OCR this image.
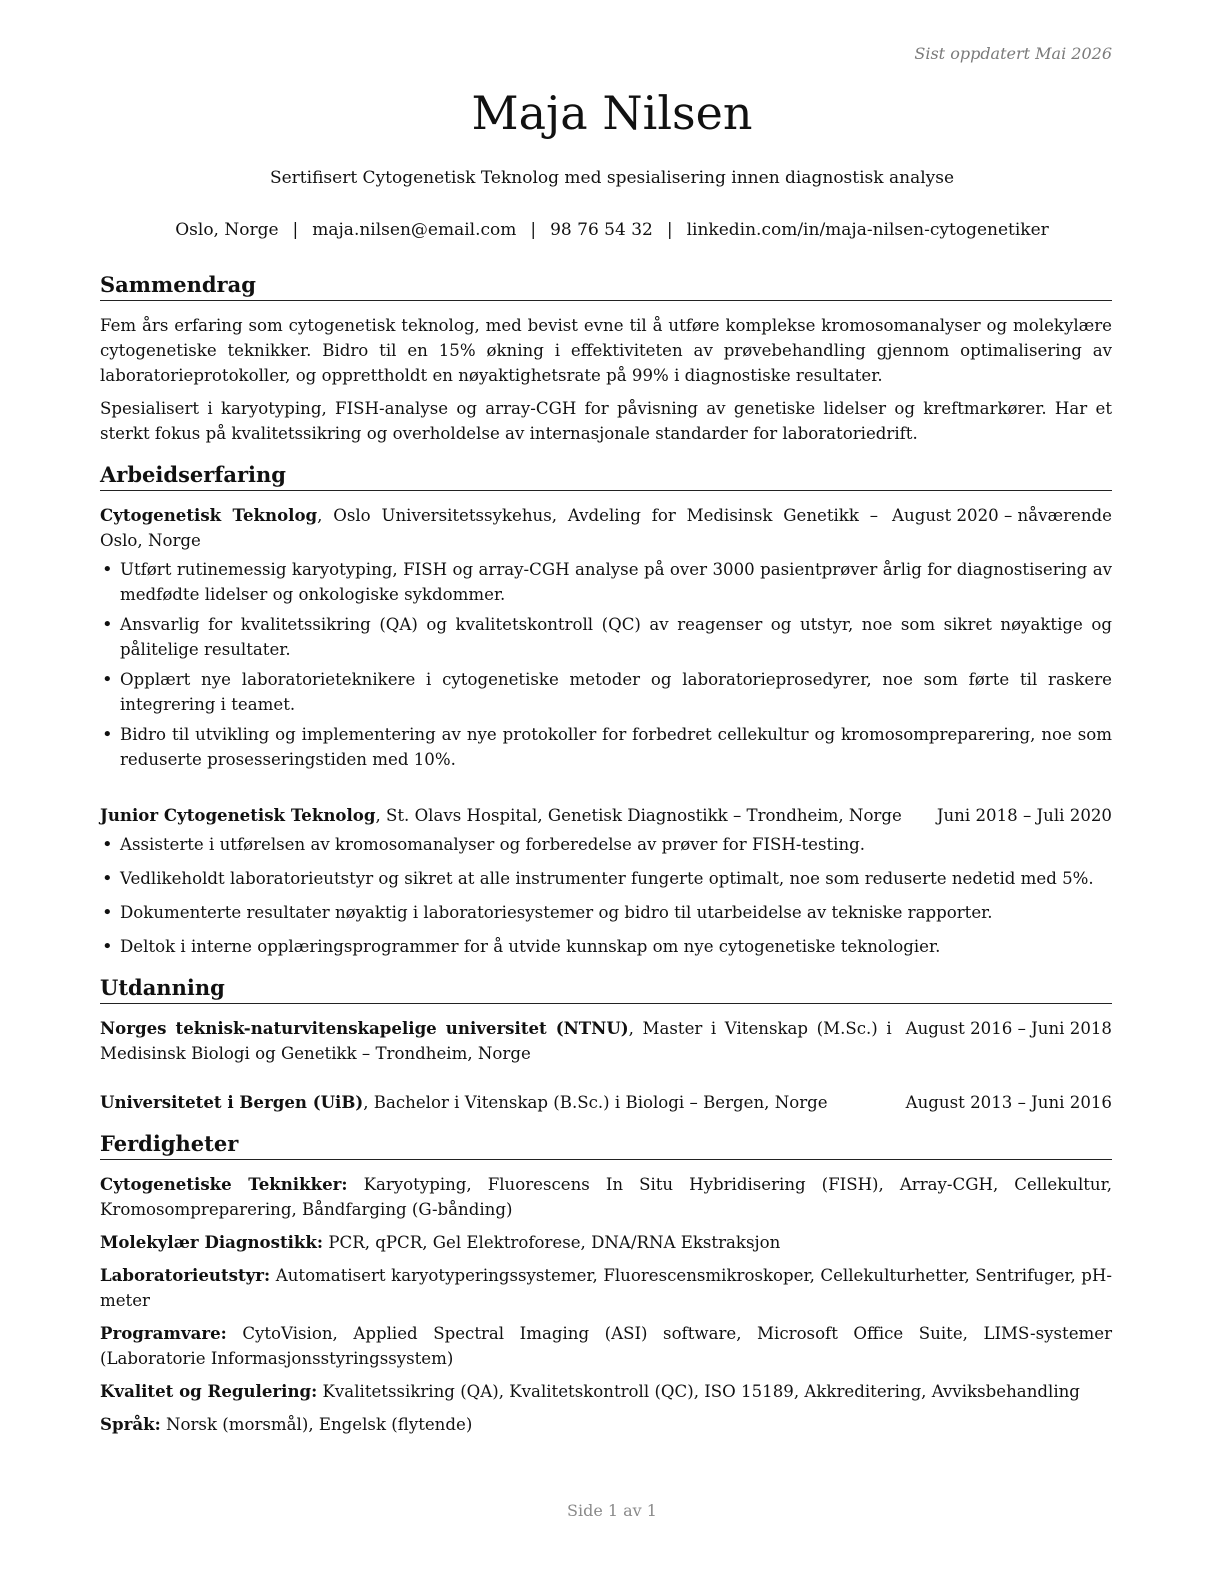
Sist oppdatert Mai 2026
Maja Nilsen
Sertifisert Cytogenetisk Teknolog med spesialisering innen diagnostisk analyse
Oslo, Norge | maja.nilsen@email.com | 98 76 54 32 | linkedin.com/in/maja-nilsen-cytogenetiker
Sammendrag

Fem års erfaring som cytogenetisk teknolog, med bevist evne til å utføre komplekse kromosomanalyser og molekylære cytogenetiske teknikker. Bidro til en 15% økning i effektiviteten av prøvebehandling gjennom optimalisering av laboratorieprotokoller, og opprettholdt en nøyaktighetsrate på 99% i diagnostiske resultater.

Spesialisert i karyotyping, FISH-analyse og array-CGH for påvisning av genetiske lidelser og kreftmarkører. Har et sterkt fokus på kvalitetssikring og overholdelse av internasjonale standarder for laboratoriedrift.

Arbeidserfaring
Cytogenetisk Teknolog, Oslo Universitetssykehus, Avdeling for Medisinsk Genetikk – Oslo, Norge
August 2020 – nåværende
• Utført rutinemessig karyotyping, FISH og array-CGH analyse på over 3000 pasientprøver årlig for diagnostisering av medfødte lidelser og onkologiske sykdommer.
• Ansvarlig for kvalitetssikring (QA) og kvalitetskontroll (QC) av reagenser og utstyr, noe som sikret nøyaktige og pålitelige resultater.
• Opplært nye laboratorieteknikere i cytogenetiske metoder og laboratorieprosedyrer, noe som førte til raskere integrering i teamet.
• Bidro til utvikling og implementering av nye protokoller for forbedret cellekultur og kromosompreparering, noe som reduserte prosesseringstiden med 10%.
Junior Cytogenetisk Teknolog, St. Olavs Hospital, Genetisk Diagnostikk – Trondheim, Norge	Juni 2018 – Juli 2020
• Assisterte i utførelsen av kromosomanalyser og forberedelse av prøver for FISH-testing.
• Vedlikeholdt laboratorieutstyr og sikret at alle instrumenter fungerte optimalt, noe som reduserte nedetid med 5%.
• Dokumenterte resultater nøyaktig i laboratoriesystemer og bidro til utarbeidelse av tekniske rapporter.
• Deltok i interne opplæringsprogrammer for å utvide kunnskap om nye cytogenetiske teknologier.
Utdanning
Norges teknisk-naturvitenskapelige universitet (NTNU), Master i Vitenskap (M.Sc.) i Medisinsk Biologi og Genetikk – Trondheim, Norge
August 2016 – Juni 2018
Universitetet i Bergen (UiB), Bachelor i Vitenskap (B.Sc.) i Biologi – Bergen, Norge	August 2013 – Juni 2016
Ferdigheter
Cytogenetiske Teknikker: Karyotyping, Fluorescens In Situ Hybridisering (FISH), Array-CGH, Cellekultur, Kromosompreparering, Båndfarging (G-bånding)
Molekylær Diagnostikk: PCR, qPCR, Gel Elektroforese, DNA/RNA Ekstraksjon
Laboratorieutstyr: Automatisert karyotyperingssystemer, Fluorescensmikroskoper, Cellekulturhetter, Sentrifuger, pH-meter
Programvare: CytoVision, Applied Spectral Imaging (ASI) software, Microsoft Office Suite, LIMS-systemer (Laboratorie Informasjonsstyringssystem)
Kvalitet og Regulering: Kvalitetssikring (QA), Kvalitetskontroll (QC), ISO 15189, Akkreditering, Avviksbehandling
Språk: Norsk (morsmål), Engelsk (flytende)
Side 1 av 1
